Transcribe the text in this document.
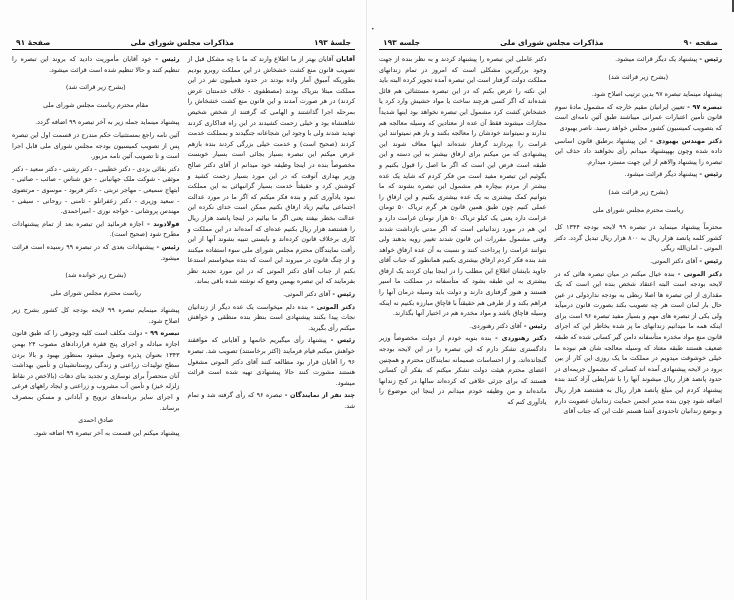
جلسهٔ ١٩٣
مذاکرات مجلس شورای ملی
صفحهٔ ٩١

آقایان آقایان بهتر از ما اطلاع وارند که ما با چه مشکل قبل از تصویب قانون منع کشت خشخاش در این مملکت روبرو بودیم بطوریکه آمبوق آمار واده بودند در حدود همیلیون نفر در این مملکت مبتلا بتریاک بودند (مصطفوی - خلاف خدمتتان عرض کردند) در هر صورت آمدند و این قانون منع کشت خشخاش را بمرحله اجرا گذاشتند و الهامی که گرفتند از شخص شخیص شاهنشاه بود و خیلی زحمت کشیدند در این راه فداکاری کردند تهدید شدند ولی با وجود این شجاعانه جنگیدند و بمملکت خدمت کردند (صحیح است) و خدمت خیلی بزرگی کردند بنده بازهم عرض میکنم این تبصره بسیار بجائی است بسیار خوبست مخصوصاً بنده در اینجا وظیفه خود میدانم از آقای دکتر صالح وزیر بهداری آنوقت که در این مورد بسیار زحمت کشید و کوشش کرد و حقیقتاً خدمت بسیار گرانبهائی به این مملکت نمود یادآوری کنم و بنده فکر میکنم که اگر ما در مورد عدالت اجتماعی بیائیم زیاد ارفاق بکنیم ممکن است خدای نکرده این عدالت بخطر بیفتد یعنی اگر ما بیائیم در اینجا پانصد هزار ریال را هشتصد هزار ریال بکنیم عده‌ای که آمده‌اند در این مملکت و کاری برخلاف قانون کرده‌اند و بایستی تنبیه بشوند آنها از این رأفت نمایندگان محترم مجلس شورای ملی سوء استفاده میکنند و از چنگ قانون در میروند این است که بنده میخواستم استدعا بکنم از جناب آقای دکتر الموتی که در این مورد تجدید نظر بفرمایند که این تبصره بهمین وضع که نوشته شده باقی بماند.

رئیس - آقای دکتر الموتی.

دکتر الموتی - بنده دلم میخواست یک عده دیگر از زندانیان نجات پیدا بکنند پیشنهادی است بنظر بنده منطقی و خواهش میکنم رأی بگیرید.

رئیس - پیشنهاد رأی میگیریم خانمها و آقایانی که موافقند خواهش میکنم قیام فرمایند (اکثر برخاستند) تصویب شد. تبصره ۹۶ را آقایان قرار بود مطالعه کنند آقای دکتر الموتی مشغول هستند مشورت کنند حالا پیشنهادی تهیه شده است قرائت میشود.

چند نفر از نمایندگان - تبصره ۹۶ که رأی گرفته شد و تمام شد.

رئیس - خود آقایان مأموریت دادید که بروند این تبصره را تنظیم کنند و حالا تنظیم شده است قرائت میشود.

(بشرح زیر قرائت شد)

مقام محترم ریاست مجلس شورای ملی

پیشنهاد مینماید جمله زیر به آخر تبصره ۹۹ اضافه گردد.

آئین نامه راجع بمستثنیات حکم مندرج در قسمت اول این تبصره پس از تصویب کمیسیون بودجه مجلس شورای ملی قابل اجرا است و تا تصویب آئین نامه مزبور.

دکتر بقائی یزدی - دکتر خطیبی - دکتر رشتی - دکتر سعید - دکتر موثقی - شوکت ملک جهانبانی - حق شناس - صائب - صائبی - ابتهاج سمیعی - مهاجر تربتی - دکتر فربود - موسوی - مرتضوی - سعید وزیری - دکتر زعفرانلو - ثامنی - روحانی - سیفی - مهندس پروشانی - خواجه نوری - امیراحمدی.

فولادوند - اجازه فرمائید این تبصره بعد از تمام پیشنهادات مطرح شود (صحیح است).

رئیس - پیشنهادات بعدی که در تبصره ۹۹ رسیده است قرائت میشود.

(بشرح زیر خوانده شد)

ریاست محترم مجلس شورای ملی

پیشنهاد مینمایم تبصره ۹۹ لایحه بودجه کل کشور بشرح زیر اصلاح شود.

تبصره ۹۹ - دولت مکلف است کلیه وجوهی را که طبق قانون اجازه مبادله و اجرای پنج فقره قراردادهای مصوب ۲۴ بهمن ۱۳۴۳ بعنوان پذیره وصول میشود بمنظور بهبود و بالا بردن سطح تولیدات زراعتی و زندگی روستانشینان و تأمین بهداشت آنان منحصراً برای نوسازی و تجدید بنای دهات (بالاخص در نقاط زلزله خیز) و تأمین آب مشروب و زراعتی و ایجاد راههای فرعی و اجرای سایر برنامه‌های ترویج و آبادانی و مسکن بمصرف برساند.

صادق احمدی

پیشنهاد میکنم این قسمت به آخر تبصره ۹۹ اضافه شود.

•
صفحه ۹۰
مذاکرات مجلس شورای ملی
جلسه ۱۹۳

رئیس - پیشنهاد یک دیگر قرائت میشود.

(بشرح زیر قرائت شد)

پیشنهاد مینماید تبصره ۹۷ بدین ترتیب اصلاح شود.

تبصره ۹۷ - تعیین ایرانیان مقیم خارجه که مشمول مادهٔ سوم قانون تأمین اعتبارات عمرانی میباشند طبق آئین نامه‌ای است که بتصویب کمیسیون کشور مجلس خواهد رسید. ناصر بهبودی

دکتر مهندس بهبودی - این پیشنهاد برطبق قانون اساسی داده شده وچون بهپیشنهاد میدانم رأی نخواهند داد حذف این تبصره را پیشنهاد والاهم از این جهت مسترد میدارم.

رئیس - پیشنهاد دیگر قرائت میشود.

(بشرح زیر قرائت شد)

ریاست محترم مجلس شورای ملی

محترماً پیشنهاد مینماید در تبصره ۹۹ لایحه بودجه ۱۳۴۴ کل کشور کلمه پانصد هزار ریال به ۸۰۰ هزار ریال تبدیل گردد. دکتر الموتی - امان‌الله ریگی

رئیس - آقای دکتر الموتی.

دکتر الموتی - بنده خیال میکنم در میان تبصره هائی که در لایحه بودجه است البته اعتقاد شخص بنده این است که یک مقداری از این تبصره ها اصلا ربطی به بودجه نداردولی در عین حال بار لمان است هر چه تصویب بکند بصورت قانون درمیآید ولی یکی از تبصره های مهم و بسیار مفید تبصره ۹۶ است برای اینکه همه ما میدانیم زندانهای ما پر شده بخاطر این که اجرای قانون منع مواد مخدره متأسفانه دامن گیر کسانی شده که طبقه ضعیف هستند طبقه معتاد که وسیله معالجه شان هم نبوده ما خیلی خوشوقت میدویم در مملکت ما یک روزی این کار از بین برود در لایحه پیشنهادی آمده اند کسانی که مشمول جریمه‌ای در حدود پانصد هزار ریال میشوند آنها را با شرایطی آزاد کنند بنده پیشنهاد کردم این مبلغ پانصد هزار ریال به هشتصد هزار ریال اضافه شود چون بنده مدیر انجمن حمایت زندانیان عضویت دارم و بوضع زندانیان تاحدودی آشنا هستم علت این که جناب آقای

دکتر عاملی این تبصره را پیشنهاد کردند و به نظر بنده از جهت وجود بزرگترین مشکلی است که امروز در تمام زندانهای مملکت دولت گرفتار است این تبصره آمده تجویز کرده البته باید این نکته را عرض بکنم که در این تبصره مستثنائی هم قائل شده‌اند که اگر کسی هرچند ساخت یا مواد حشیش وارد کرد یا خشخاش کشت کرد مشمول این تبصره نخواهد بود اینها شدیداً مجازات میشوند فقط آن عده از معتادین که وسیله معالجه هم ندارند و نمیتوانند خودشان را معالجه بکنند و باز هم نمیتوانند این غرامت را بپردازند گرفتار شده‌اند اینها معاف شوند این پیشنهادی که من میکنم برای ارفاق بیشتر به این دسته و این طبقه است فرض این است که اگر ما اصل را قبول بکنیم و بگوئیم این تبصره مفید است من فکر کردم که شاید یک عده بیشتر از مردم بیچاره هم مشمول این تبصره بشوند که ما بتوانیم کمک بیشتری به یک عده بیشتری بکنیم و این ارفاق را عملی کنیم چون طبق همین قانون هر گرم تریاک ۵۰ تومان غرامت دارد یعنی یک کیلو تریاک ۵۰ هزار تومان غرامت دارد و این هم در مورد زندانیانی است که اگر مدتی بازداشت شدند وقتی مشمول مقررات این قانون شدند تغییر رویه بدهند ولی نتوانند غرامت را پرداخت کنند و نسبت به آن عده ارفاق خواهد شد بنده فکر کردم ارفاق بیشتری بکنیم همانطور که جناب آقای جاوید بایشان اطلاع این مطلب را در اینجا بیان کردند یک ارفاق بیشتری به این طبقه بشود که متأسفانه در مملکت ما اسیر هستند و هنوز گرفتاری دارند و دولت باید وسیله درمان آنها را فراهم بکند و از طرفی هم حقیقتاً با قاچاق مبارزه بکنیم نه اینکه وسیله قاچاق باشد و مواد مخدره هم در اختیار آنها بگذارند.

رئیس - آقای دکتر رهنوردی.

دکتر رهنوردی - بنده بنوبه خودم از دولت مخصوصاً وزیر دادگستری تشکر دارم که این تبصره را در این لایحه بودجه گنجانده‌اند، و از احساسات صمیمانه نمایندگان محترم و همچنین اعضای محترم هیئت دولت تشکر میکنم که بفکر آن کسانی هستند که برای جزئی خلافی که کرده‌اند سالها در کنج زندانها مانده‌اند و من وظیفه خودم میدانم در اینجا این موضوع را یادآوری کنم که
